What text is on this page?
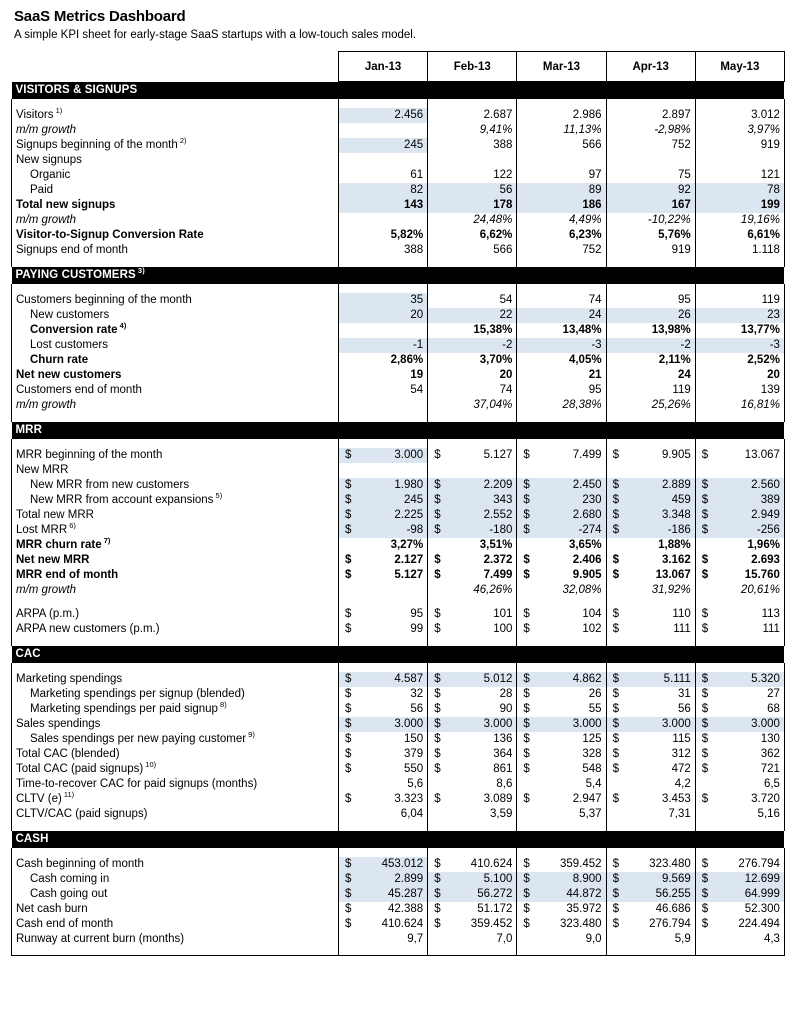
SaaS Metrics Dashboard

A simple KPI sheet for early-stage SaaS startups with a low-touch sales model.

	Jan-13	Feb-13	Mar-13	Apr-13	May-13
VISITORS & SIGNUPS					

Visitors $^{1)}$	2.456	2.687	2.986	2.897	3.012
m/m growth		9,41%	11,13%	-2,98%	3,97%
Signups beginning of the month $^{2)}$	245	388	566	752	919
New signups					
Organic	61	122	97	75	121
Paid	82	56	89	92	78
Total new signups	143	178	186	167	199
m/m growth		24,48%	4,49%	-10,22%	19,16%
Visitor-to-Signup Conversion Rate	5,82%	6,62%	6,23%	5,76%	6,61%
Signups end of month	388	566	752	919	1.118

PAYING CUSTOMERS $^{3)}$

Customers beginning of the month	35	54	74	95	119
New customers	20	22	24	26	23
Conversion rate $^{4)}$		15,38%	13,48%	13,98%	13,77%
Lost customers	-1	-2	-3	-2	-3
Churn rate	2,86%	3,70%	4,05%	2,11%	2,52%
Net new customers	19	20	21	24	20
Customers end of month	54	74	95	119	139
m/m growth		37,04%	28,38%	25,26%	16,81%

MRR					

MRR beginning of the month	$ 3.000	$ 5.127	$ 7.499	$ 9.905	$ 13.067
New MRR					
New MRR from new customers	$ 1.980	$ 2.209	$ 2.450	$ 2.889	$ 2.560
New MRR from account expansions $^{5)}$	$ 245	$ 343	$ 230	$ 459	$ 389
Total new MRR	$ 2.225	$ 2.552	$ 2.680	$ 3.348	$ 2.949
Lost MRR $^{6)}$	$ -98	$ -180	$ -274	$ -186	$ -256
MRR churn rate $^{7)}$	3,27%	3,51%	3,65%	1,88%	1,96%
Net new MRR	$ 2.127	$ 2.372	$ 2.406	$ 3.162	$ 2.693
MRR end of month	$ 5.127	$ 7.499	$ 9.905	$ 13.067	$ 15.760
m/m growth		46,26%	32,08%	31,92%	20,61%

ARPA (p.m.)	$ 95	$ 101	$ 104	$ 110	$ 113
ARPA new customers (p.m.)	$ 99	$ 100	$ 102	$ 111	$ 111

CAC					

Marketing spendings	$ 4.587	$ 5.012	$ 4.862	$ 5.111	$ 5.320
Marketing spendings per signup (blended)	$ 32	$ 28	$ 26	$ 31	$ 27
Marketing spendings per paid signup $^{8)}$	$ 56	$ 90	$ 55	$ 56	$ 68
Sales spendings	$ 3.000	$ 3.000	$ 3.000	$ 3.000	$ 3.000
Sales spendings per new paying customer $^{9)}$	$ 150	$ 136	$ 125	$ 115	$ 130
Total CAC (blended)	$ 379	$ 364	$ 328	$ 312	$ 362
Total CAC (paid signups) $^{10)}$	$ 550	$ 861	$ 548	$ 472	$ 721
Time-to-recover CAC for paid signups (months)	5,6	8,6	5,4	4,2	6,5
CLTV (e) $^{11)}$	$ 3.323	$ 3.089	$ 2.947	$ 3.453	$ 3.720
CLTV/CAC (paid signups)	6,04	3,59	5,37	7,31	5,16

CASH					

Cash beginning of month	$ 453.012	$ 410.624	$ 359.452	$ 323.480	$ 276.794
Cash coming in	$ 2.899	$ 5.100	$ 8.900	$ 9.569	$ 12.699
Cash going out	$ 45.287	$ 56.272	$ 44.872	$ 56.255	$ 64.999
Net cash burn	$ 42.388	$ 51.172	$ 35.972	$ 46.686	$ 52.300
Cash end of month	$ 410.624	$ 359.452	$ 323.480	$ 276.794	$ 224.494
Runway at current burn (months)	9,7	7,0	9,0	5,9	4,3
